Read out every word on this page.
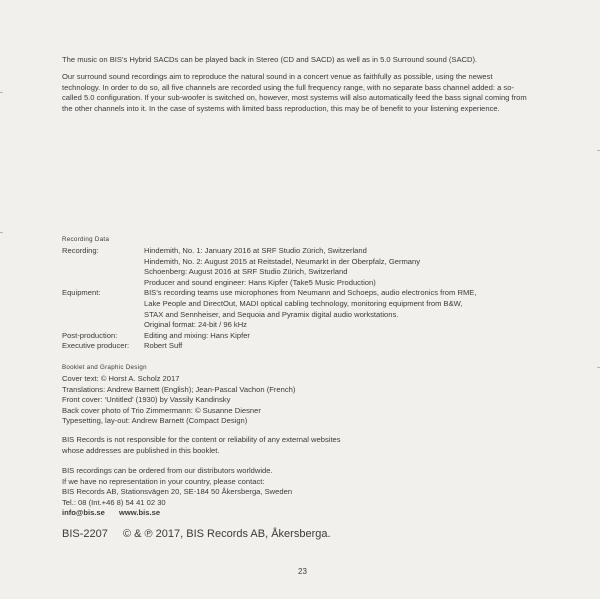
The music on BIS’s Hybrid SACDs can be played back in Stereo (CD and SACD) as well as in 5.0 Surround sound (SACD).

Our surround sound recordings aim to reproduce the natural sound in a concert venue as faithfully as possible, using the newest technology. In order to do so, all five channels are recorded using the full frequency range, with no separate bass channel added: a so-called 5.0 configuration. If your sub-woofer is switched on, however, most systems will also automatically feed the bass signal coming from the other channels into it. In the case of systems with limited bass reproduction, this may be of benefit to your listening experience.

Recording Data
Recording:	Hindemith, No. 1: January 2016 at SRF Studio Zürich, Switzerland
Hindemith, No. 2: August 2015 at Reitstadel, Neumarkt in der Oberpfalz, Germany
Schoenberg: August 2016 at SRF Studio Zürich, Switzerland
Producer and sound engineer: Hans Kipfer (Take5 Music Production)
Equipment:	BIS’s recording teams use microphones from Neumann and Schoeps, audio electronics from RME,
Lake People and DirectOut, MADI optical cabling technology, monitoring equipment from B&W,
STAX and Sennheiser, and Sequoia and Pyramix digital audio workstations.
Original format: 24-bit / 96 kHz
Post-production:	Editing and mixing: Hans Kipfer
Executive producer:	Robert Suff
Booklet and Graphic Design
Cover text: © Horst A. Scholz 2017
Translations: Andrew Barnett (English); Jean-Pascal Vachon (French)
Front cover: ‘Untitled’ (1930) by Vassily Kandinsky
Back cover photo of Trio Zimmermann: © Susanne Diesner
Typesetting, lay-out: Andrew Barnett (Compact Design)
BIS Records is not responsible for the content or reliability of any external websites whose addresses are published in this booklet.
BIS recordings can be ordered from our distributors worldwide.
If we have no representation in your country, please contact:
BIS Records AB, Stationsvägen 20, SE-184 50 Åkersberga, Sweden
Tel.: 08 (Int.+46 8) 54 41 02 30
info@bis.se www.bis.se
BIS-2207 © & ℗ 2017, BIS Records AB, Åkersberga.
23
